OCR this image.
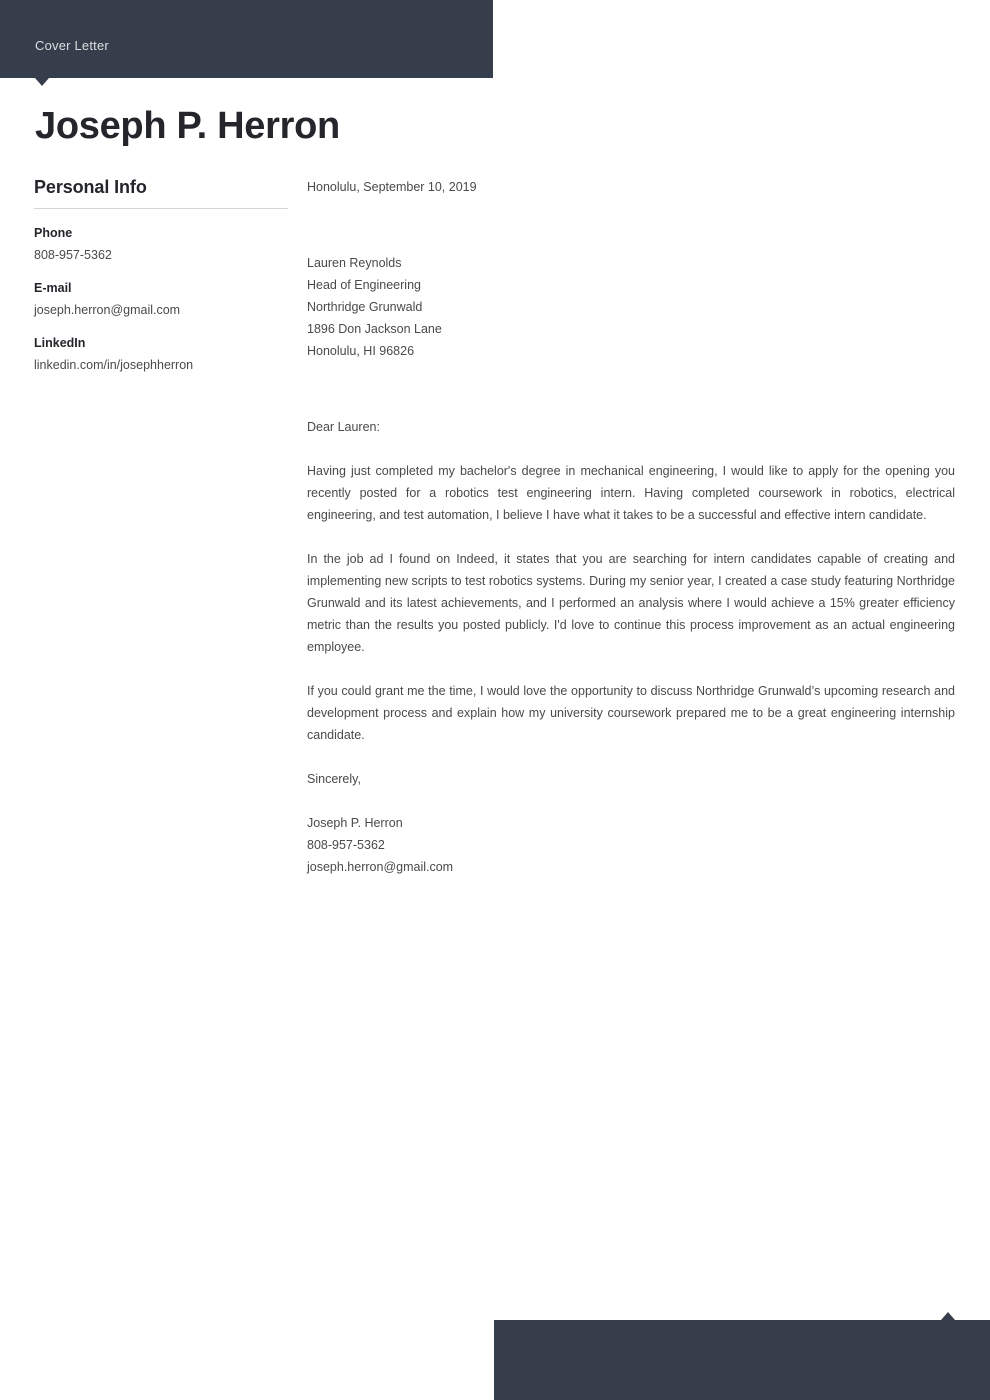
Cover Letter
Joseph P. Herron
Personal Info
Phone
808-957-5362
E-mail
joseph.herron@gmail.com
LinkedIn
linkedin.com/in/josephherron
Honolulu, September 10, 2019
Lauren Reynolds
Head of Engineering
Northridge Grunwald
1896 Don Jackson Lane
Honolulu, HI 96826
Dear Lauren:

Having just completed my bachelor's degree in mechanical engineering, I would like to apply for the opening you recently posted for a robotics test engineering intern. Having completed coursework in robotics, electrical engineering, and test automation, I believe I have what it takes to be a successful and effective intern candidate.

In the job ad I found on Indeed, it states that you are searching for intern candidates capable of creating and implementing new scripts to test robotics systems. During my senior year, I created a case study featuring Northridge Grunwald and its latest achievements, and I performed an analysis where I would achieve a 15% greater efficiency metric than the results you posted publicly. I'd love to continue this process improvement as an actual engineering employee.

If you could grant me the time, I would love the opportunity to discuss Northridge Grunwald’s upcoming research and development process and explain how my university coursework prepared me to be a great engineering internship candidate.

Sincerely,
Joseph P. Herron
808-957-5362
joseph.herron@gmail.com
